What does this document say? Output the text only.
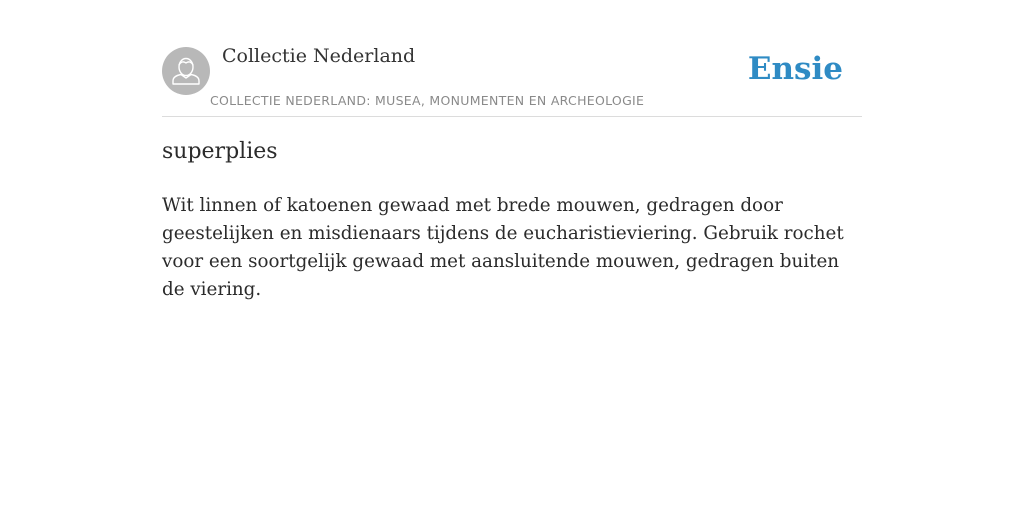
Collectie Nederland
COLLECTIE NEDERLAND: MUSEA, MONUMENTEN EN ARCHEOLOGIE
Ensie
superplies

Wit linnen of katoenen gewaad met brede mouwen, gedragen door geestelijken en misdienaars tijdens de eucharistieviering. Gebruik rochet voor een soortgelijk gewaad met aansluitende mouwen, gedragen buiten de viering.
